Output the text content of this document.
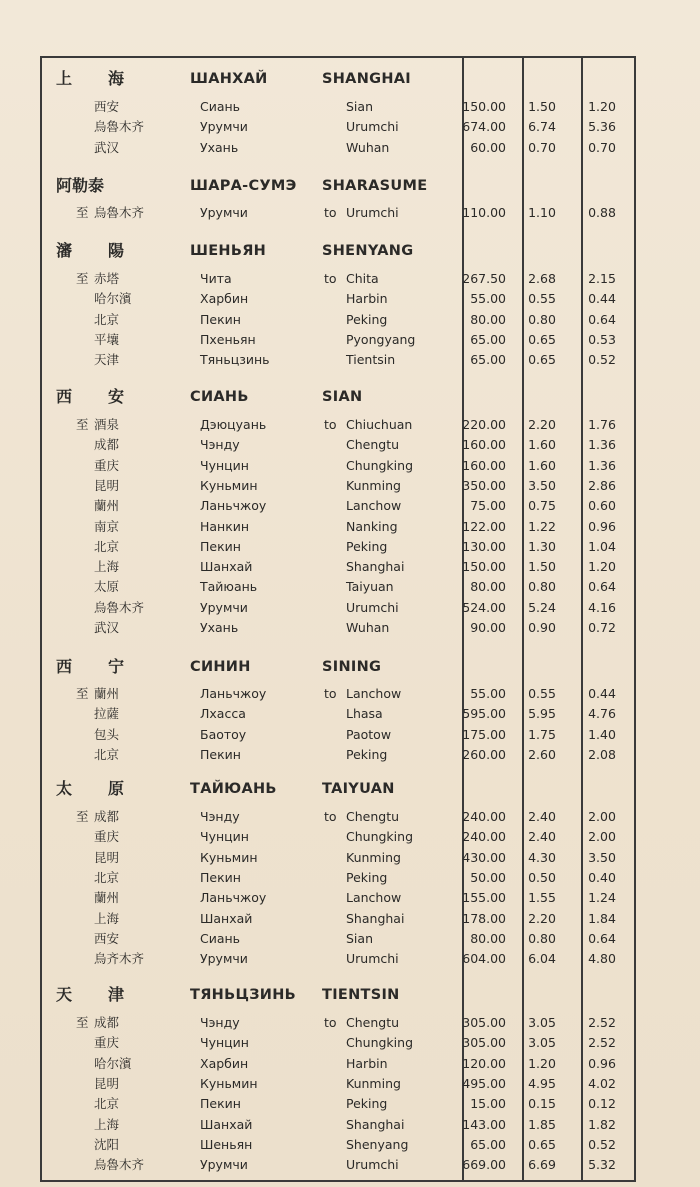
上 海	ШАНХАЙ	SHANGHAI
西安	Сиань	Sian	150.00	1.50	1.20
烏魯木齐	Урумчи	Urumchi	674.00	6.74	5.36
武汉	Ухань	Wuhan	60.00	0.70	0.70
阿勒泰	ШАРА-СУМЭ SHARASUME
至 烏魯木齐	Урумчи	to Urumchi	110.00	1.10	0.88
瀋 陽	ШЕНЬЯН	SHENYANG
至 赤塔	Чита	to Chita	267.50	2.68	2.15
哈尔濱	Харбин	Harbin	55.00	0.55	0.44
北京	Пекин	Peking	80.00	0.80	0.64
平壤	Пхеньян	Pyongyang	65.00	0.65	0.53
天津	Тяньцзинь	Tientsin	65.00	0.65	0.52
西 安	СИАНЬ	SIAN
至 酒泉	Дэюцуань	to Chiuchuan	220.00	2.20	1.76
成都	Чэнду	Chengtu	160.00	1.60	1.36
重庆	Чунцин	Chungking	160.00	1.60	1.36
昆明	Куньмин	Kunming	350.00	3.50	2.86
蘭州	Ланьчжоу	Lanchow	75.00	0.75	0.60
南京	Нанкин	Nanking	122.00	1.22	0.96
北京	Пекин	Peking	130.00	1.30	1.04
上海	Шанхай	Shanghai	150.00	1.50	1.20
太原	Тайюань	Taiyuan	80.00	0.80	0.64
烏魯木齐	Урумчи	Urumchi	524.00	5.24	4.16
武汉	Ухань	Wuhan	90.00	0.90	0.72
西 宁	СИНИН	SINING
至 蘭州	Ланьчжоу	to Lanchow	55.00	0.55	0.44
拉薩	Лхасса	Lhasa	595.00	5.95	4.76
包头	Баотоу	Paotow	175.00	1.75	1.40
北京	Пекин	Peking	260.00	2.60	2.08
太 原	ТАЙЮАНЬ	TAIYUAN
至 成都	Чэнду	to Chengtu	240.00	2.40	2.00
重庆	Чунцин	Chungking	240.00	2.40	2.00
昆明	Куньмин	Kunming	430.00	4.30	3.50
北京	Пекин	Peking	50.00	0.50	0.40
蘭州	Ланьчжоу	Lanchow	155.00	1.55	1.24
上海	Шанхай	Shanghai	178.00	2.20	1.84
西安	Сиань	Sian	80.00	0.80	0.64
烏齐木齐	Урумчи	Urumchi	604.00	6.04	4.80
天 津	ТЯНЬЦЗИНЬ TIENTSIN
至 成都	Чэнду	to Chengtu	305.00	3.05	2.52
重庆	Чунцин	Chungking	305.00	3.05	2.52
哈尔濱	Харбин	Harbin	120.00	1.20	0.96
昆明	Куньмин	Kunming	495.00	4.95	4.02
北京	Пекин	Peking	15.00	0.15	0.12
上海	Шанхай	Shanghai	143.00	1.85	1.82
沈阳	Шеньян	Shenyang	65.00	0.65	0.52
烏魯木齐	Урумчи	Urumchi	669.00	6.69	5.32
